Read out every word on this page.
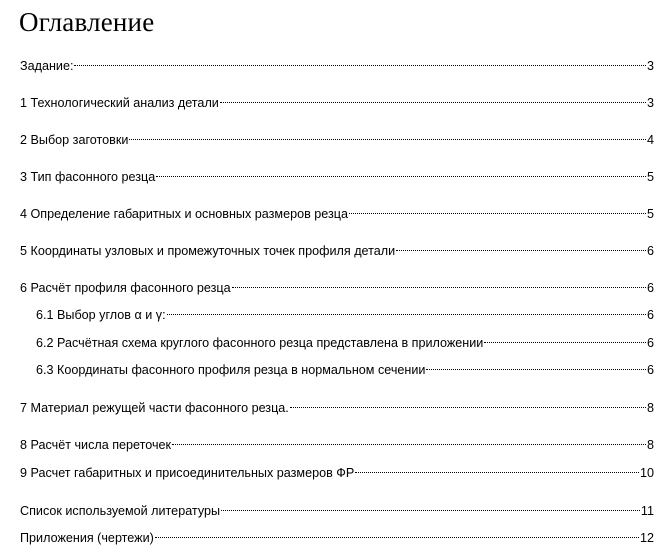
Оглавление
Задание:	3
1 Технологический анализ детали	3
2 Выбор заготовки	4
3 Тип фасонного резца	5
4 Определение габаритных и основных размеров резца	5
5 Координаты узловых и промежуточных точек профиля детали	6
6 Расчёт профиля фасонного резца	6
6.1 Выбор углов α и γ:	6
6.2 Расчётная схема круглого фасонного резца представлена в приложении	6
6.3 Координаты фасонного профиля резца в нормальном сечении	6
7 Материал режущей части фасонного резца.	8
8 Расчёт числа переточек	8
9 Расчет габаритных и присоединительных размеров ФР	10
Список используемой литературы	11
Приложения (чертежи)	12
